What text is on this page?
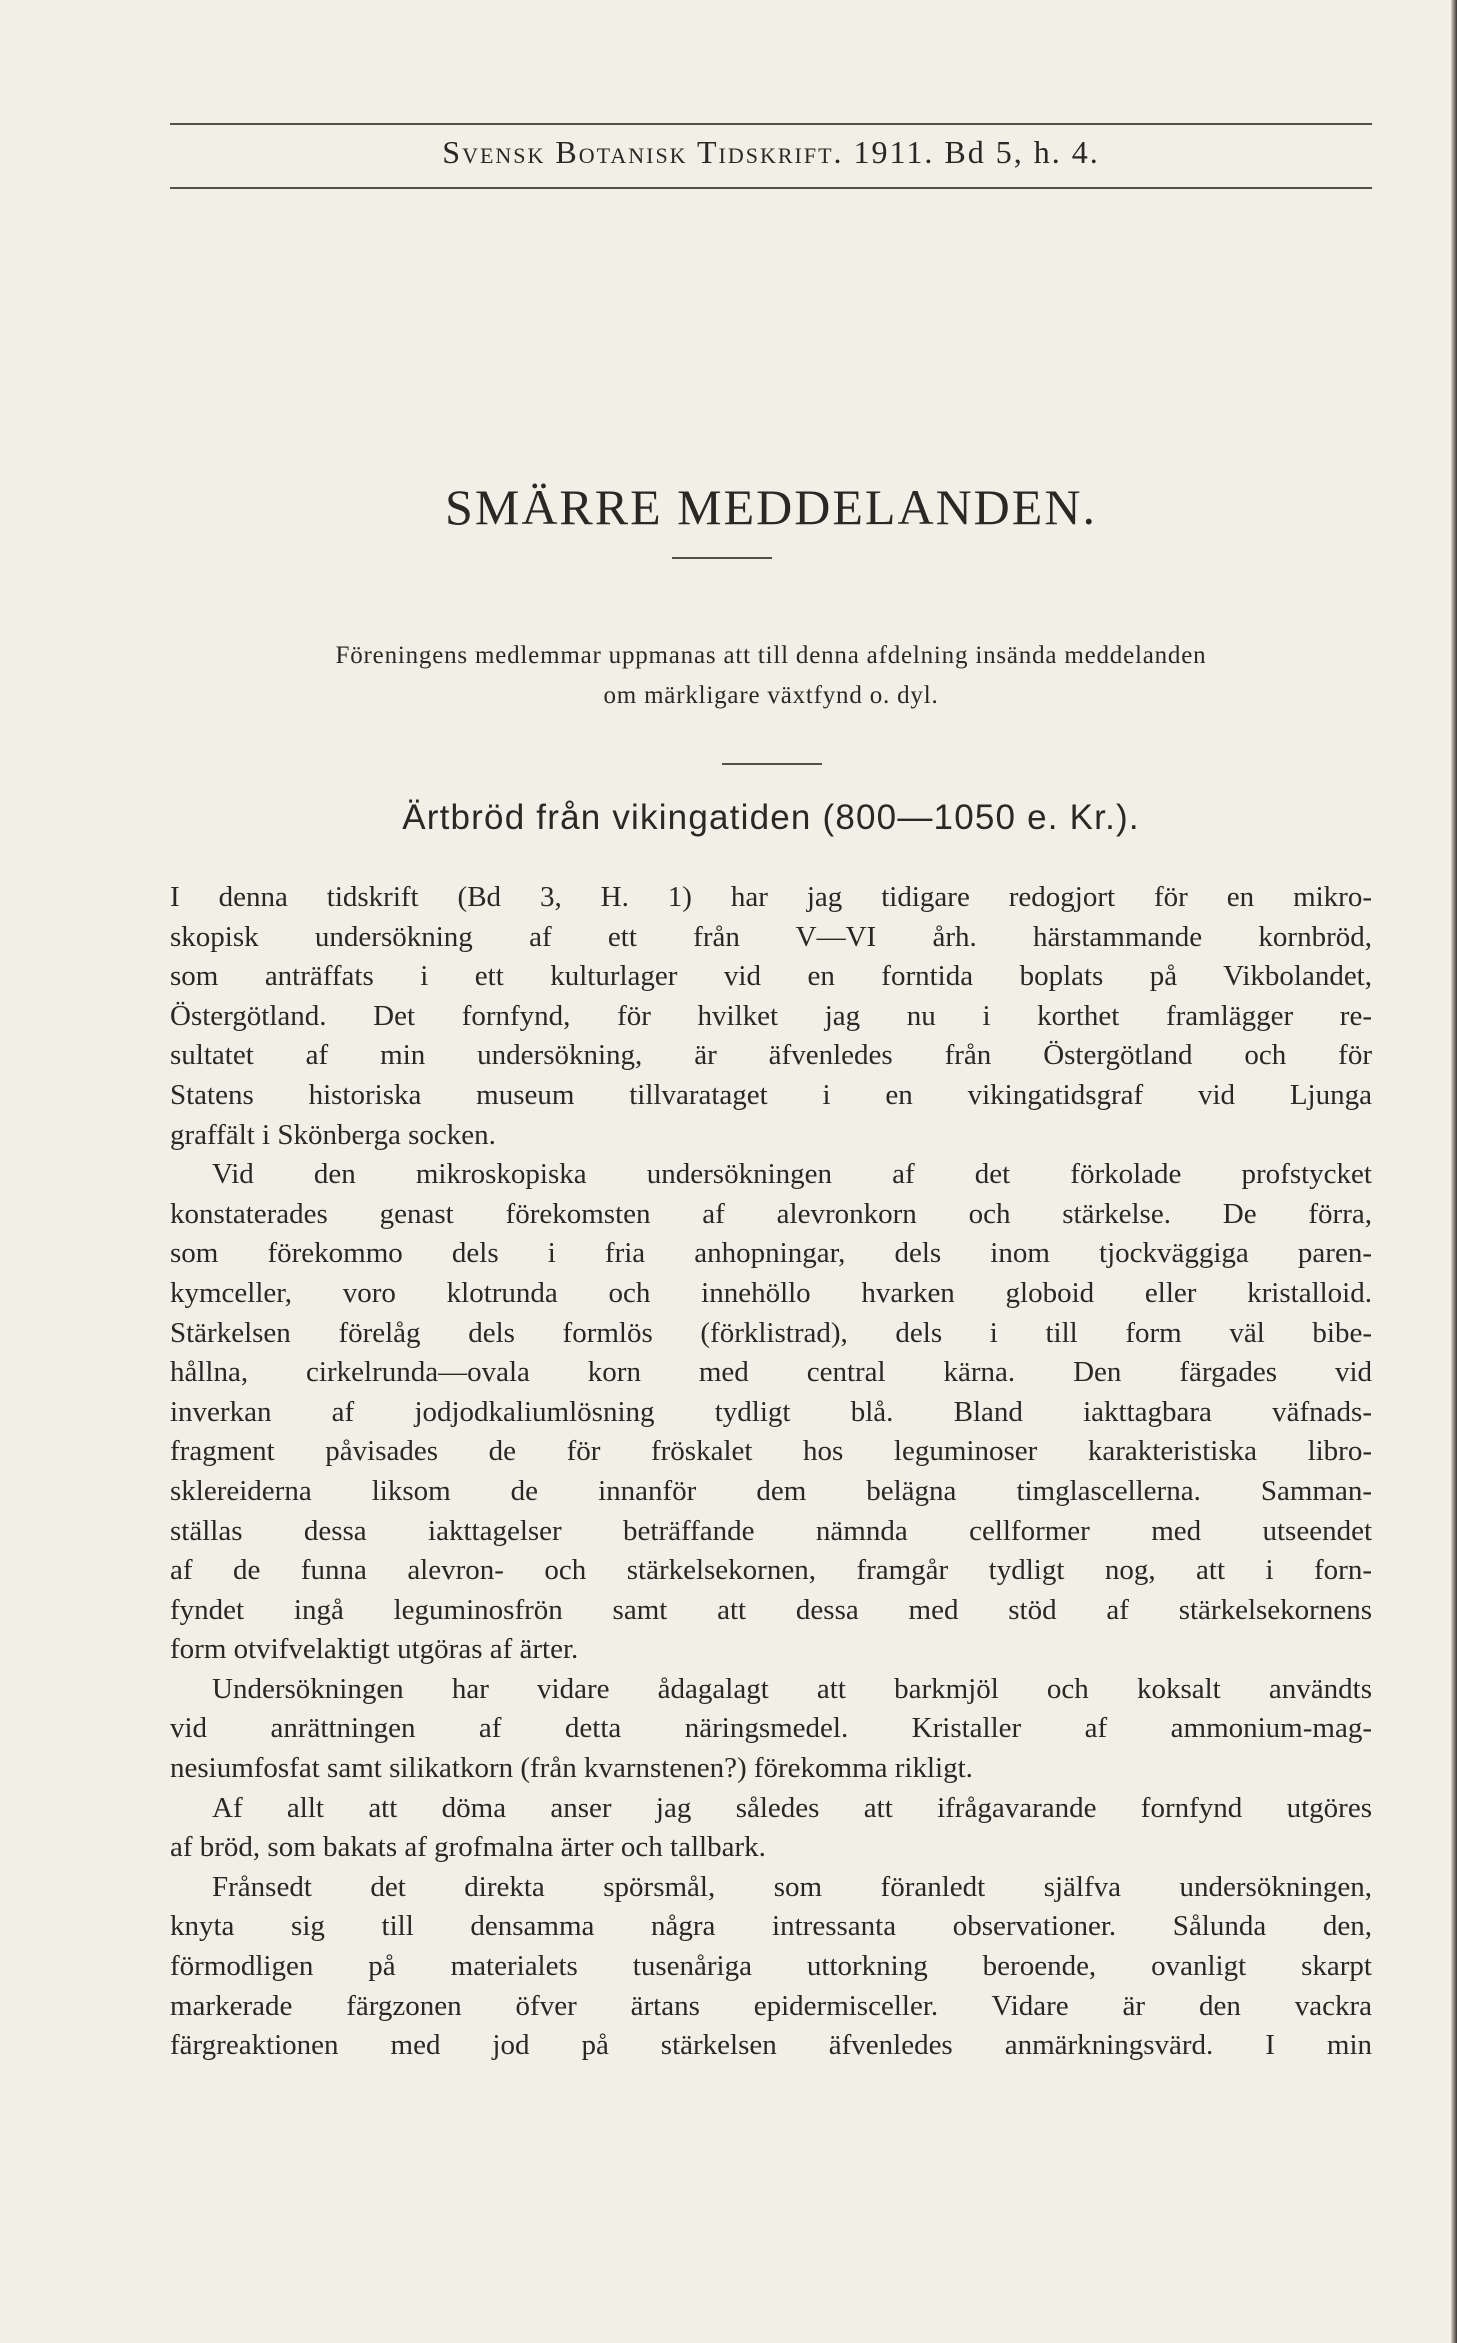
Svensk Botanisk Tidskrift. 1911. Bd 5, h. 4.
SMÄRRE MEDDELANDEN.
Föreningens medlemmar uppmanas att till denna afdelning insända meddelanden
om märkligare växtfynd o. dyl.
Ärtbröd från vikingatiden (800—1050 e. Kr.).
I denna tidskrift (Bd 3, H. 1) har jag tidigare redogjort för en mikro-
skopisk undersökning af ett från V—VI årh. härstammande kornbröd,
som anträffats i ett kulturlager vid en forntida boplats på Vikbolandet,
Östergötland. Det fornfynd, för hvilket jag nu i korthet framlägger re-
sultatet af min undersökning, är äfvenledes från Östergötland och för
Statens historiska museum tillvarataget i en vikingatidsgraf vid Ljunga
graffält i Skönberga socken.
Vid den mikroskopiska undersökningen af det förkolade profstycket
konstaterades genast förekomsten af alevronkorn och stärkelse. De förra,
som förekommo dels i fria anhopningar, dels inom tjockväggiga paren-
kymceller, voro klotrunda och innehöllo hvarken globoid eller kristalloid.
Stärkelsen förelåg dels formlös (förklistrad), dels i till form väl bibe-
hållna, cirkelrunda—ovala korn med central kärna. Den färgades vid
inverkan af jodjodkaliumlösning tydligt blå. Bland iakttagbara väfnads-
fragment påvisades de för fröskalet hos leguminoser karakteristiska libro-
sklereiderna liksom de innanför dem belägna timglascellerna. Samman-
ställas dessa iakttagelser beträffande nämnda cellformer med utseendet
af de funna alevron- och stärkelsekornen, framgår tydligt nog, att i forn-
fyndet ingå leguminosfrön samt att dessa med stöd af stärkelsekornens
form otvifvelaktigt utgöras af ärter.
Undersökningen har vidare ådagalagt att barkmjöl och koksalt användts
vid anrättningen af detta näringsmedel. Kristaller af ammonium-mag-
nesiumfosfat samt silikatkorn (från kvarnstenen?) förekomma rikligt.
Af allt att döma anser jag således att ifrågavarande fornfynd utgöres
af bröd, som bakats af grofmalna ärter och tallbark.
Frånsedt det direkta spörsmål, som föranledt själfva undersökningen,
knyta sig till densamma några intressanta observationer. Sålunda den,
förmodligen på materialets tusenåriga uttorkning beroende, ovanligt skarpt
markerade färgzonen öfver ärtans epidermisceller. Vidare är den vackra
färgreaktionen med jod på stärkelsen äfvenledes anmärkningsvärd. I min
